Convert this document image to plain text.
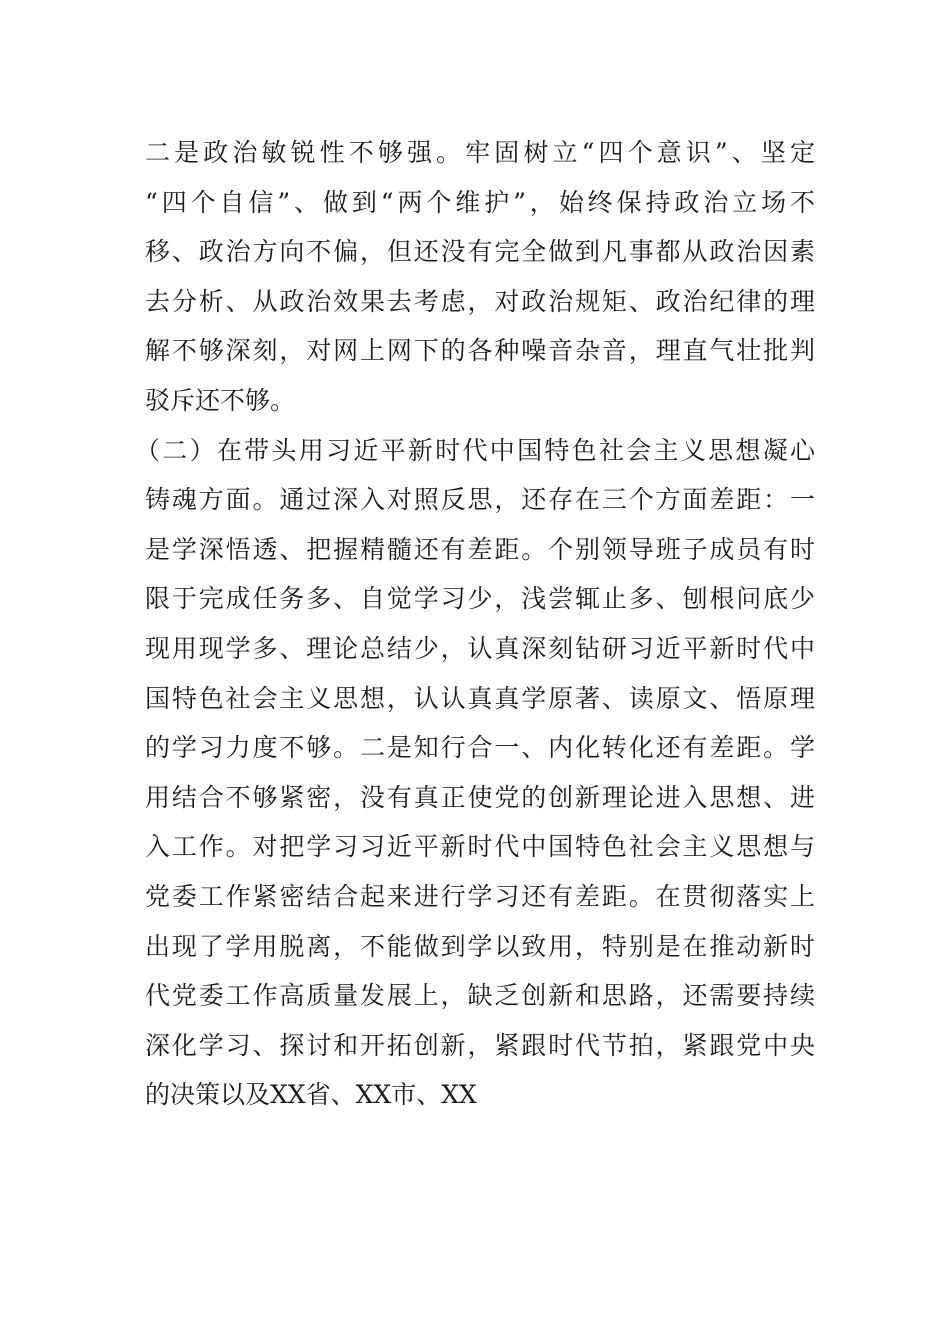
二是政治敏锐性不够强。牢固树立“四个意识”、坚定
“四个自信”、做到“两个维护”，始终保持政治立场不
移、政治方向不偏，但还没有完全做到凡事都从政治因素
去分析、从政治效果去考虑，对政治规矩、政治纪律的理
解不够深刻，对网上网下的各种噪音杂音，理直气壮批判
驳斥还不够。
（二）在带头用习近平新时代中国特色社会主义思想凝心
铸魂方面。通过深入对照反思，还存在三个方面差距：一
是学深悟透、把握精髓还有差距。个别领导班子成员有时
限于完成任务多、自觉学习少，浅尝辄止多、刨根问底少
现用现学多、理论总结少，认真深刻钻研习近平新时代中
国特色社会主义思想，认认真真学原著、读原文、悟原理
的学习力度不够。二是知行合一、内化转化还有差距。学
用结合不够紧密，没有真正使党的创新理论进入思想、进
入工作。对把学习习近平新时代中国特色社会主义思想与
党委工作紧密结合起来进行学习还有差距。在贯彻落实上
出现了学用脱离，不能做到学以致用，特别是在推动新时
代党委工作高质量发展上，缺乏创新和思路，还需要持续
深化学习、探讨和开拓创新，紧跟时代节拍，紧跟党中央
的决策以及XX省、XX市、XX
